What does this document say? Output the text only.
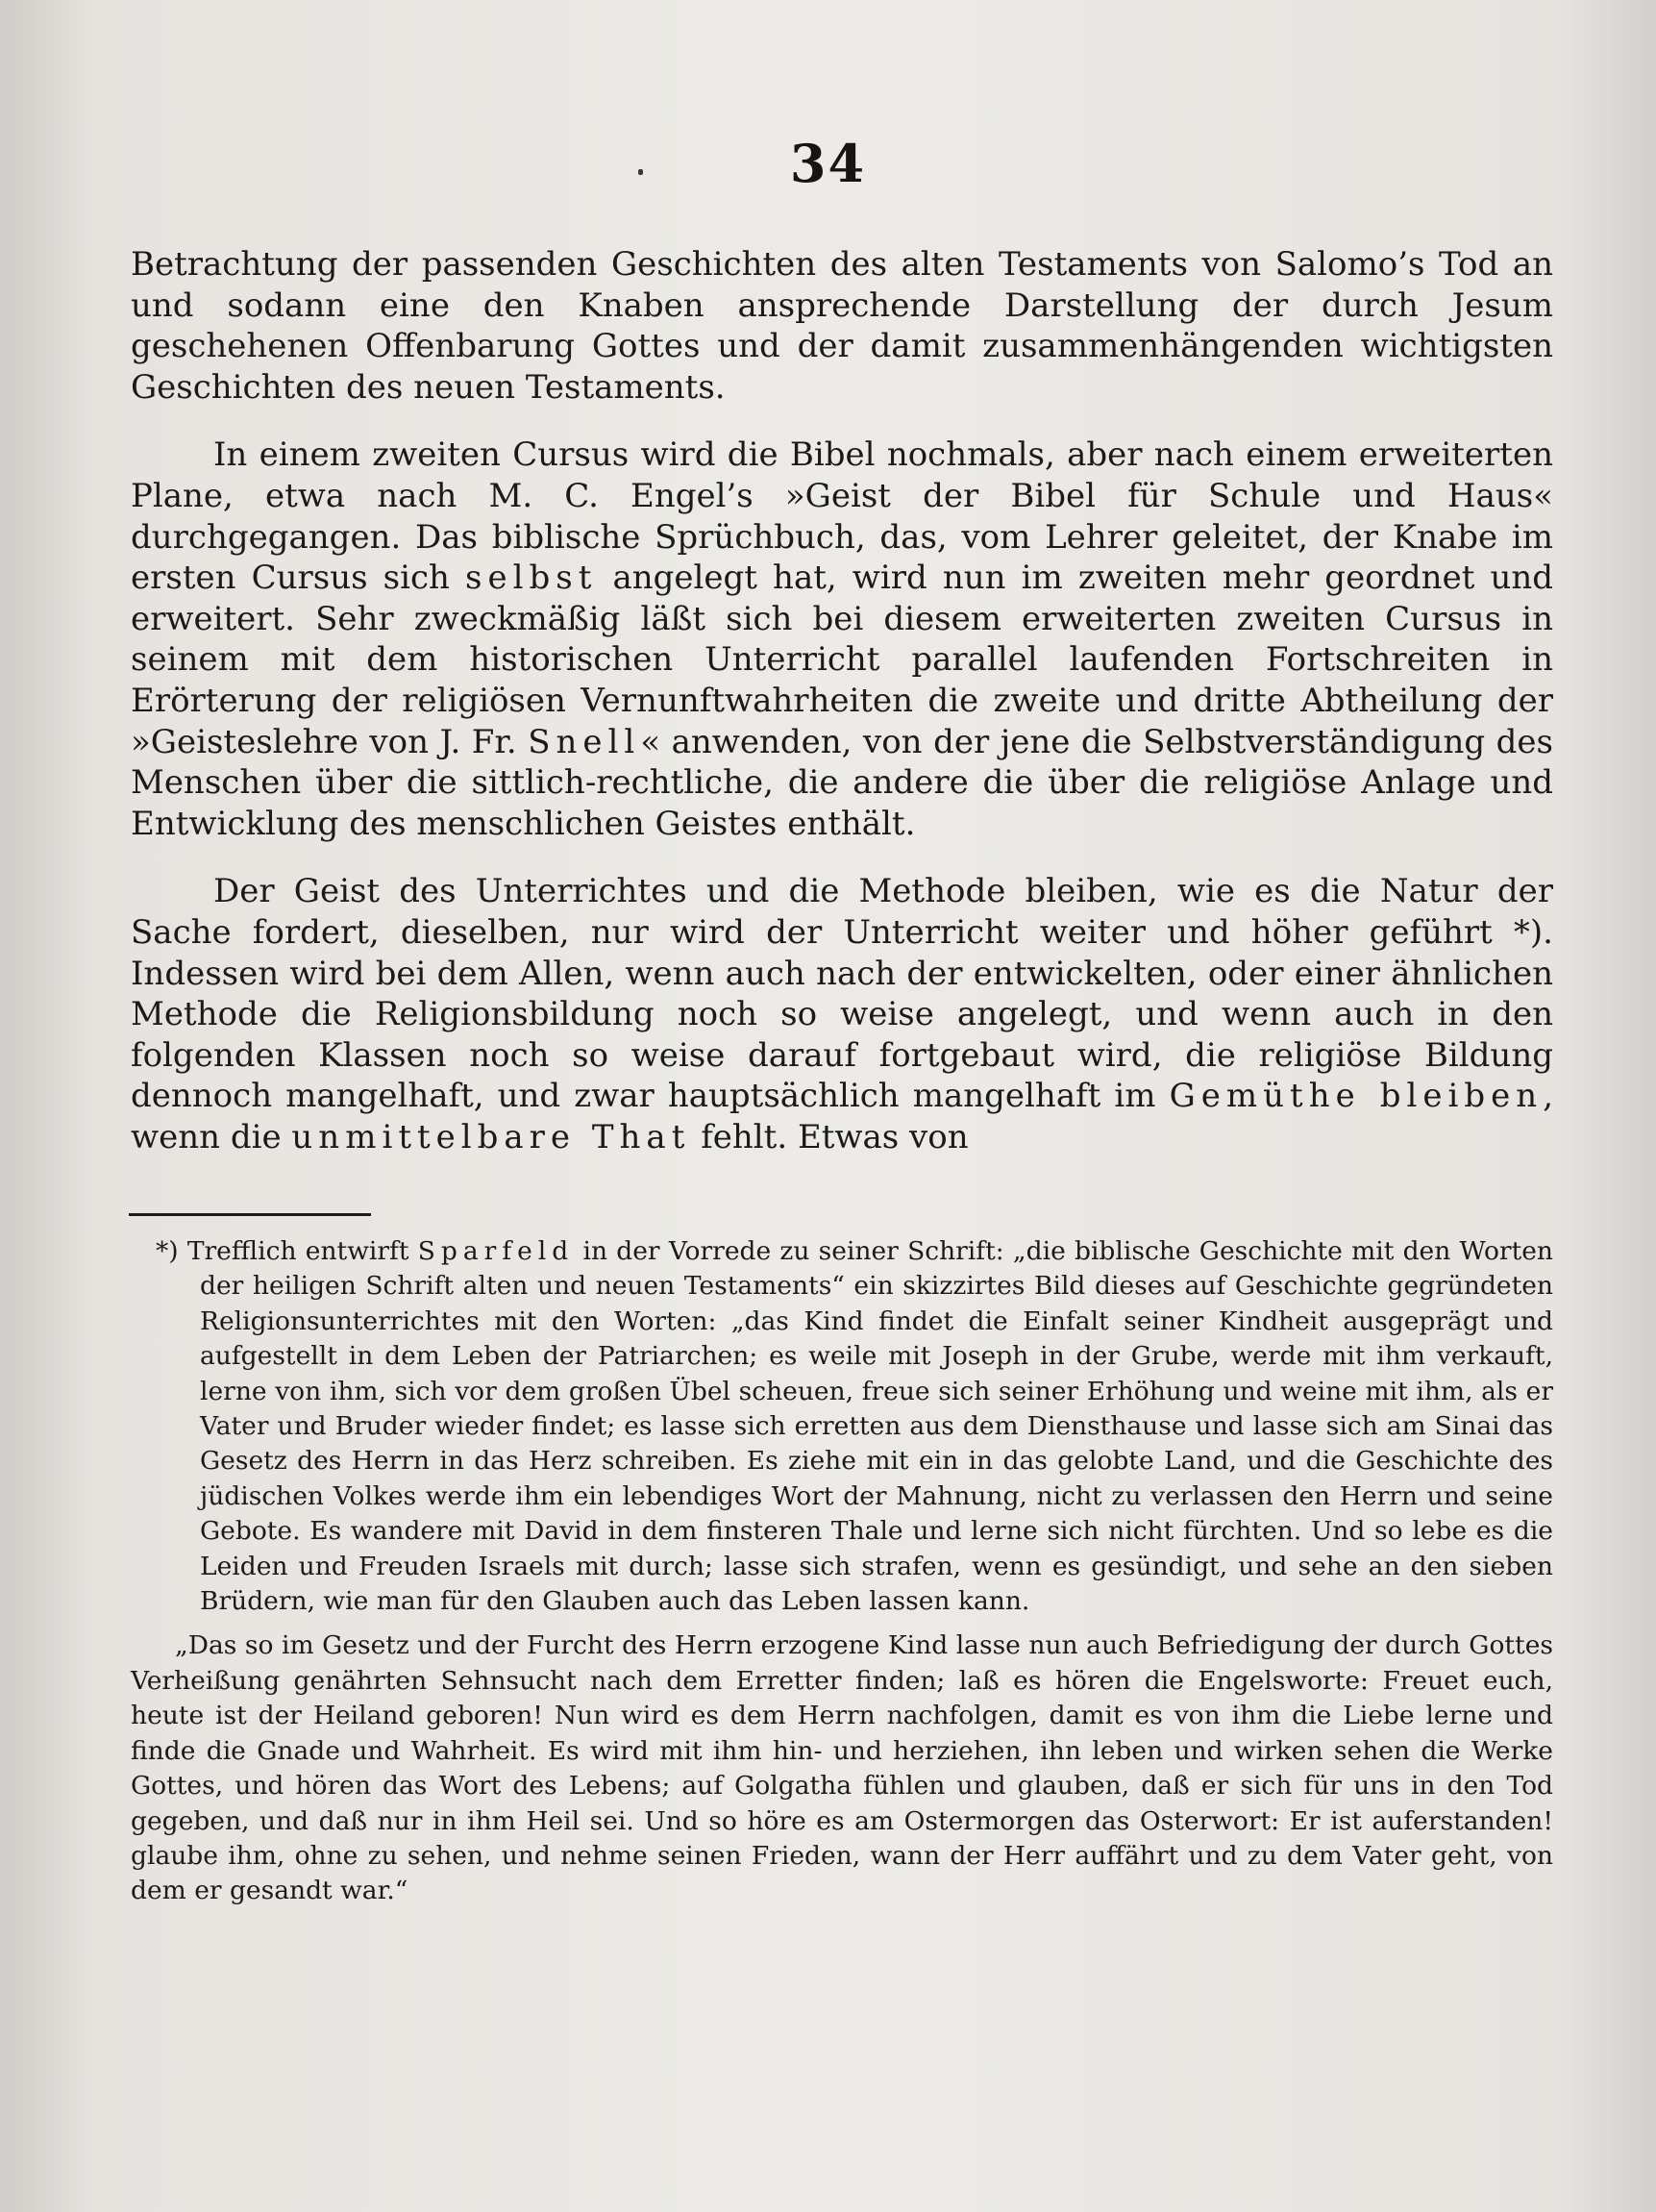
34

Betrachtung der passenden Geschichten des alten Testaments von Salomo’s Tod an und sodann eine den Knaben ansprechende Darstellung der durch Jesum geschehenen Offenbarung Gottes und der damit zusammenhängenden wichtigsten Geschichten des neuen Testaments.

In einem zweiten Cursus wird die Bibel nochmals, aber nach einem erweiterten Plane, etwa nach M. C. Engel’s »Geist der Bibel für Schule und Haus« durchgegangen. Das biblische Sprüchbuch, das, vom Lehrer geleitet, der Knabe im ersten Cursus sich selbst angelegt hat, wird nun im zweiten mehr geordnet und erweitert. Sehr zweckmäßig läßt sich bei diesem erweiterten zweiten Cursus in seinem mit dem historischen Unterricht parallel laufenden Fortschreiten in Erörterung der religiösen Vernunftwahrheiten die zweite und dritte Abtheilung der »Geisteslehre von J. Fr. Snell« anwenden, von der jene die Selbstverständigung des Menschen über die sittlich-rechtliche, die andere die über die religiöse Anlage und Entwicklung des menschlichen Geistes enthält.

Der Geist des Unterrichtes und die Methode bleiben, wie es die Natur der Sache fordert, dieselben, nur wird der Unterricht weiter und höher geführt *). Indessen wird bei dem Allen, wenn auch nach der entwickelten, oder einer ähnlichen Methode die Religionsbildung noch so weise angelegt, und wenn auch in den folgenden Klassen noch so weise darauf fortgebaut wird, die religiöse Bildung dennoch mangelhaft, und zwar hauptsächlich mangelhaft im Gemüthe bleiben, wenn die unmittelbare That fehlt. Etwas von

*) Trefflich entwirft Sparfeld in der Vorrede zu seiner Schrift: „die biblische Geschichte mit den Worten der heiligen Schrift alten und neuen Testaments“ ein skizzirtes Bild dieses auf Geschichte gegründeten Religionsunterrichtes mit den Worten: „das Kind findet die Einfalt seiner Kindheit ausgeprägt und aufgestellt in dem Leben der Patriarchen; es weile mit Joseph in der Grube, werde mit ihm verkauft, lerne von ihm, sich vor dem großen Übel scheuen, freue sich seiner Erhöhung und weine mit ihm, als er Vater und Bruder wieder findet; es lasse sich erretten aus dem Diensthause und lasse sich am Sinai das Gesetz des Herrn in das Herz schreiben. Es ziehe mit ein in das gelobte Land, und die Geschichte des jüdischen Volkes werde ihm ein lebendiges Wort der Mahnung, nicht zu verlassen den Herrn und seine Gebote. Es wandere mit David in dem finsteren Thale und lerne sich nicht fürchten. Und so lebe es die Leiden und Freuden Israels mit durch; lasse sich strafen, wenn es gesündigt, und sehe an den sieben Brüdern, wie man für den Glauben auch das Leben lassen kann.

„Das so im Gesetz und der Furcht des Herrn erzogene Kind lasse nun auch Befriedigung der durch Gottes Verheißung genährten Sehnsucht nach dem Erretter finden; laß es hören die Engelsworte: Freuet euch, heute ist der Heiland geboren! Nun wird es dem Herrn nachfolgen, damit es von ihm die Liebe lerne und finde die Gnade und Wahrheit. Es wird mit ihm hin- und herziehen, ihn leben und wirken sehen die Werke Gottes, und hören das Wort des Lebens; auf Golgatha fühlen und glauben, daß er sich für uns in den Tod gegeben, und daß nur in ihm Heil sei. Und so höre es am Ostermorgen das Osterwort: Er ist auferstanden! glaube ihm, ohne zu sehen, und nehme seinen Frieden, wann der Herr auffährt und zu dem Vater geht, von dem er gesandt war.“
